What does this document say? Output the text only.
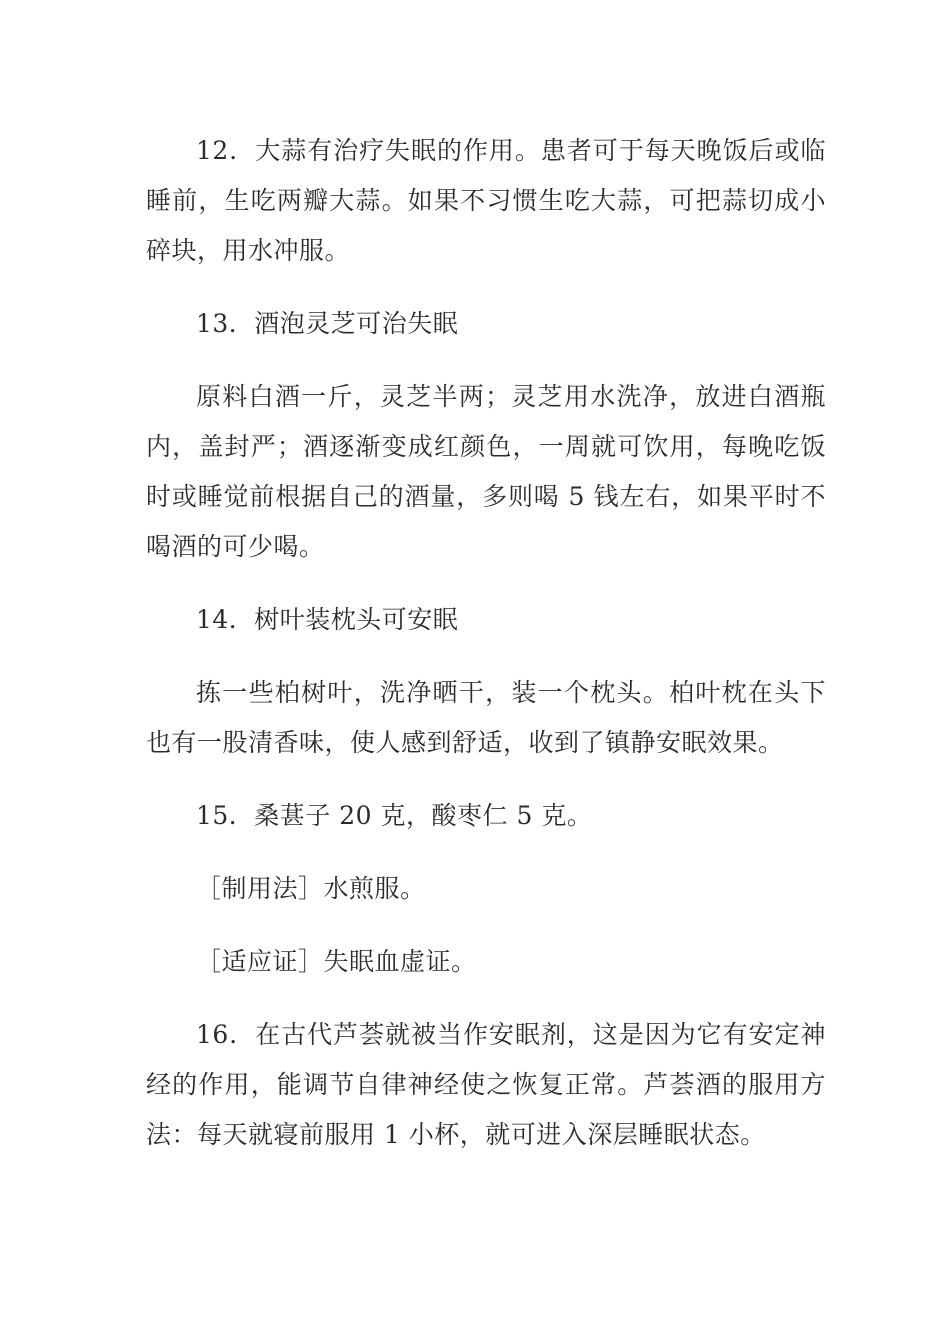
12．大蒜有治疗失眠的作用。患者可于每天晚饭后或临睡前，生吃两瓣大蒜。如果不习惯生吃大蒜，可把蒜切成小碎块，用水冲服。

13．酒泡灵芝可治失眠

原料白酒一斤，灵芝半两；灵芝用水洗净，放进白酒瓶内，盖封严；酒逐渐变成红颜色，一周就可饮用，每晚吃饭时或睡觉前根据自己的酒量，多则喝 5 钱左右，如果平时不喝酒的可少喝。

14．树叶装枕头可安眠

拣一些柏树叶，洗净晒干，装一个枕头。柏叶枕在头下也有一股清香味，使人感到舒适，收到了镇静安眠效果。

15．桑葚子 20 克，酸枣仁 5 克。

［制用法］水煎服。

［适应证］失眠血虚证。

16．在古代芦荟就被当作安眠剂，这是因为它有安定神经的作用，能调节自律神经使之恢复正常。芦荟酒的服用方法：每天就寝前服用 1 小杯，就可进入深层睡眠状态。
